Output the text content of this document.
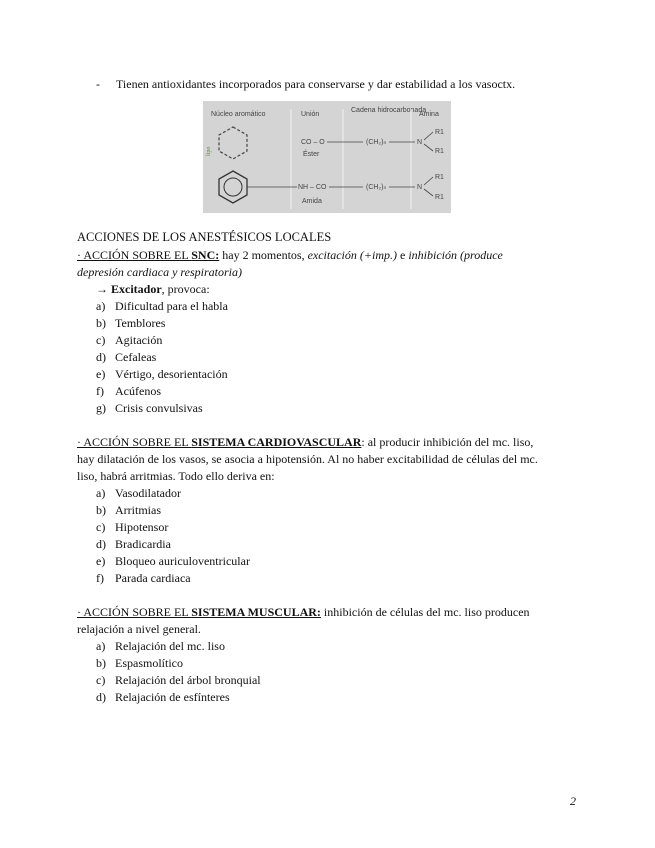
- Tienen antioxidantes incorporados para conservarse y dar estabilidad a los vasoctx.
Núcleo aromático	Unión
Cadena hidrocarbonada
Amina
lipo
CO – O
Éster
(CH₂)ₙ	N
R1
R1
NH – CO
Amida
(CH₂)ₙ	N
R1
R1
ACCIONES DE LOS ANESTÉSICOS LOCALES
· ACCIÓN SOBRE EL SNC: hay 2 momentos, excitación (+imp.) e inhibición (produce
depresión cardiaca y respiratoria)
→ Excitador, provoca:
a) Dificultad para el habla
b) Temblores
c) Agitación
d) Cefaleas
e) Vértigo, desorientación
f) Acúfenos
g) Crisis convulsivas
· ACCIÓN SOBRE EL SISTEMA CARDIOVASCULAR: al producir inhibición del mc. liso,
hay dilatación de los vasos, se asocia a hipotensión. Al no haber excitabilidad de células del mc.
liso, habrá arritmias. Todo ello deriva en:
a) Vasodilatador
b) Arritmias
c) Hipotensor
d) Bradicardia
e) Bloqueo auriculoventricular
f) Parada cardiaca
· ACCIÓN SOBRE EL SISTEMA MUSCULAR: inhibición de células del mc. liso producen
relajación a nivel general.
a) Relajación del mc. liso
b) Espasmolítico
c) Relajación del árbol bronquial
d) Relajación de esfínteres
2
